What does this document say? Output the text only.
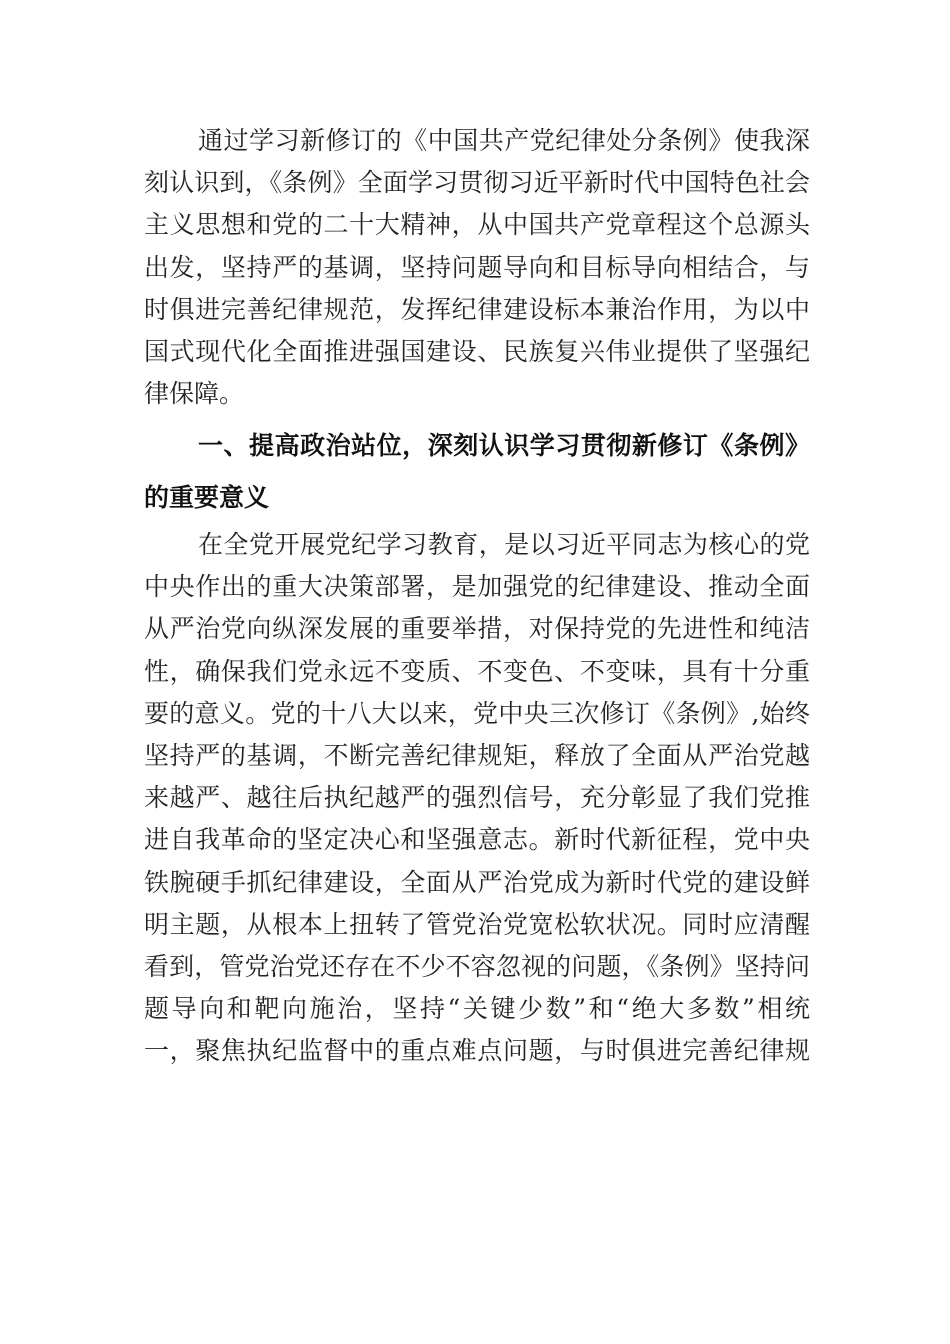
通过学习新修订的《中国共产党纪律处分条例》使我深
刻认识到，《条例》全面学习贯彻习近平新时代中国特色社会
主义思想和党的二十大精神，从中国共产党章程这个总源头
出发，坚持严的基调，坚持问题导向和目标导向相结合，与
时俱进完善纪律规范，发挥纪律建设标本兼治作用，为以中
国式现代化全面推进强国建设、民族复兴伟业提供了坚强纪
律保障。
一、提高政治站位，深刻认识学习贯彻新修订《条例》
的重要意义
在全党开展党纪学习教育，是以习近平同志为核心的党
中央作出的重大决策部署，是加强党的纪律建设、推动全面
从严治党向纵深发展的重要举措，对保持党的先进性和纯洁
性，确保我们党永远不变质、不变色、不变味，具有十分重
要的意义。党的十八大以来，党中央三次修订《条例》,始终
坚持严的基调，不断完善纪律规矩，释放了全面从严治党越
来越严、越往后执纪越严的强烈信号，充分彰显了我们党推
进自我革命的坚定决心和坚强意志。新时代新征程，党中央
铁腕硬手抓纪律建设，全面从严治党成为新时代党的建设鲜
明主题，从根本上扭转了管党治党宽松软状况。同时应清醒
看到，管党治党还存在不少不容忽视的问题，《条例》坚持问
题导向和靶向施治，坚持“关键少数”和“绝大多数”相统
一，聚焦执纪监督中的重点难点问题，与时俱进完善纪律规
